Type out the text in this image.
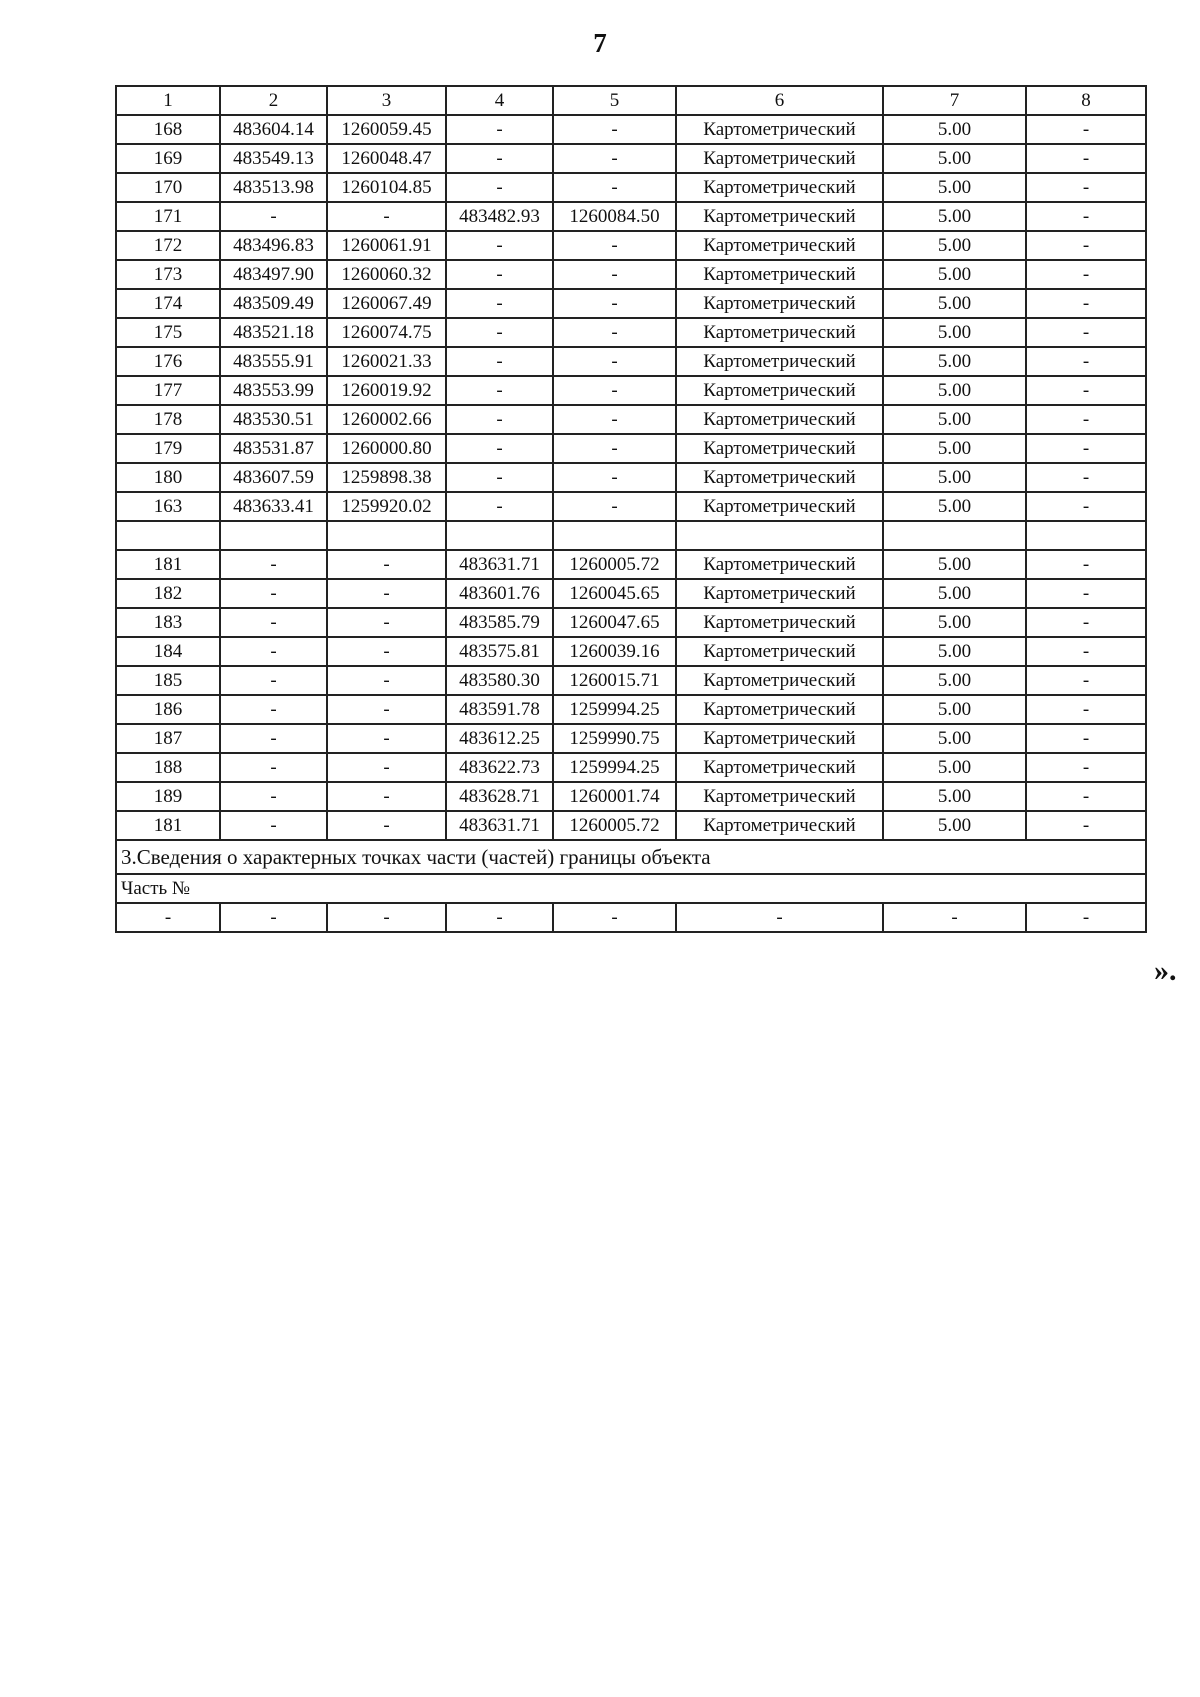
7
1	2	3	4	5	6	7	8
168	483604.14	1260059.45	-	-	Картометрический	5.00	-
169	483549.13	1260048.47	-	-	Картометрический	5.00	-
170	483513.98	1260104.85	-	-	Картометрический	5.00	-
171	-	-	483482.93	1260084.50	Картометрический	5.00	-
172	483496.83	1260061.91	-	-	Картометрический	5.00	-
173	483497.90	1260060.32	-	-	Картометрический	5.00	-
174	483509.49	1260067.49	-	-	Картометрический	5.00	-
175	483521.18	1260074.75	-	-	Картометрический	5.00	-
176	483555.91	1260021.33	-	-	Картометрический	5.00	-
177	483553.99	1260019.92	-	-	Картометрический	5.00	-
178	483530.51	1260002.66	-	-	Картометрический	5.00	-
179	483531.87	1260000.80	-	-	Картометрический	5.00	-
180	483607.59	1259898.38	-	-	Картометрический	5.00	-
163	483633.41	1259920.02	-	-	Картометрический	5.00	-

181	-	-	483631.71	1260005.72	Картометрический	5.00	-
182	-	-	483601.76	1260045.65	Картометрический	5.00	-
183	-	-	483585.79	1260047.65	Картометрический	5.00	-
184	-	-	483575.81	1260039.16	Картометрический	5.00	-
185	-	-	483580.30	1260015.71	Картометрический	5.00	-
186	-	-	483591.78	1259994.25	Картометрический	5.00	-
187	-	-	483612.25	1259990.75	Картометрический	5.00	-
188	-	-	483622.73	1259994.25	Картометрический	5.00	-
189	-	-	483628.71	1260001.74	Картометрический	5.00	-
181	-	-	483631.71	1260005.72	Картометрический	5.00	-
3.Сведения о характерных точках части (частей) границы объекта							
Часть №							
-	-	-	-	-	-	-	-
».
